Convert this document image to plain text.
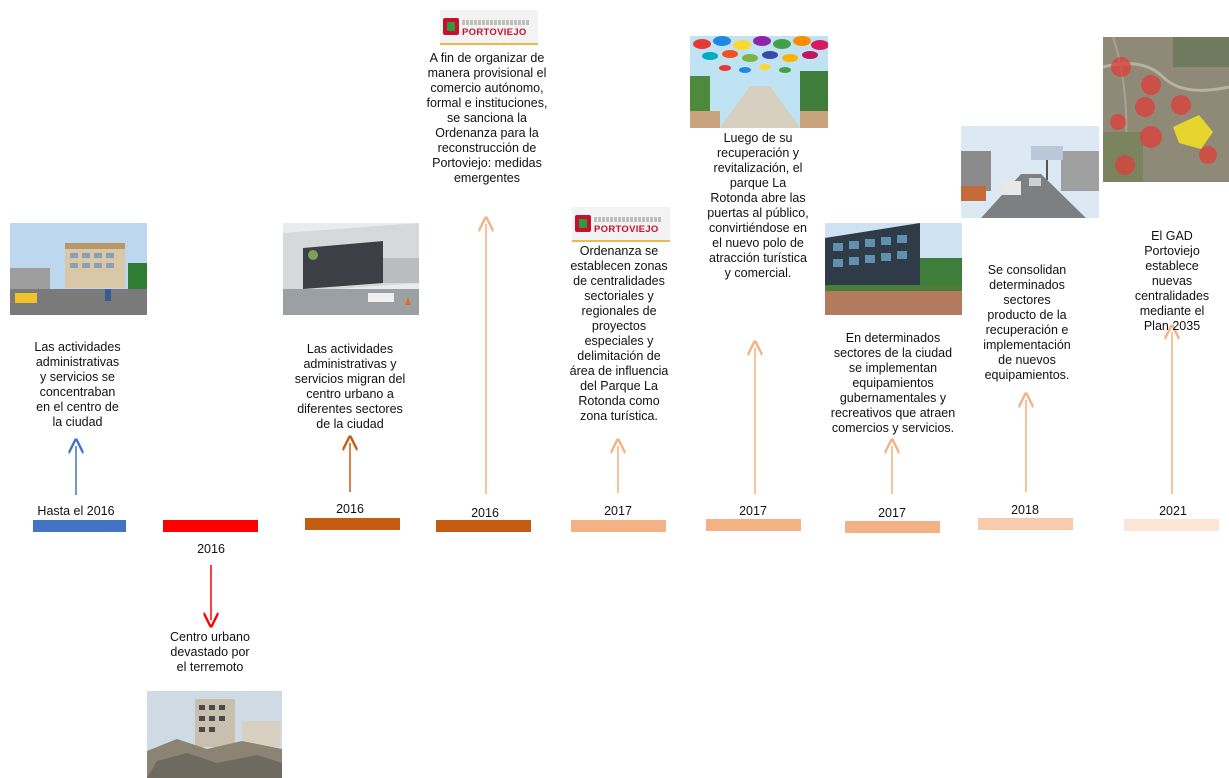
Las actividades
administrativas
y servicios se
concentraban
en el centro de
la ciudad
Hasta el 2016
2016
Centro urbano
devastado por
el terremoto
Las actividades
administrativas y
servicios migran del
centro urbano a
diferentes sectores
de la ciudad
2016
PORTOVIEJO
A fin de organizar de
manera provisional el
comercio autónomo,
formal e instituciones,
se sanciona la
Ordenanza para la
reconstrucción de
Portoviejo: medidas
emergentes
2016
PORTOVIEJO
Ordenanza se
establecen zonas
de centralidades
sectoriales y
regionales de
proyectos
especiales y
delimitación de
área de influencia
del Parque La
Rotonda como
zona turística.
2017
Luego de su
recuperación y
revitalización, el
parque La
Rotonda abre las
puertas al público,
convirtiéndose en
el nuevo polo de
atracción turística
y comercial.
2017
En determinados
sectores de la ciudad
se implementan
equipamientos
gubernamentales y
recreativos que atraen
comercios y servicios.
2017
Se consolidan
determinados
sectores
producto de la
recuperación e
implementación
de nuevos
equipamientos.
2018
El GAD
Portoviejo
establece
nuevas
centralidades
mediante el
Plan 2035
2021
